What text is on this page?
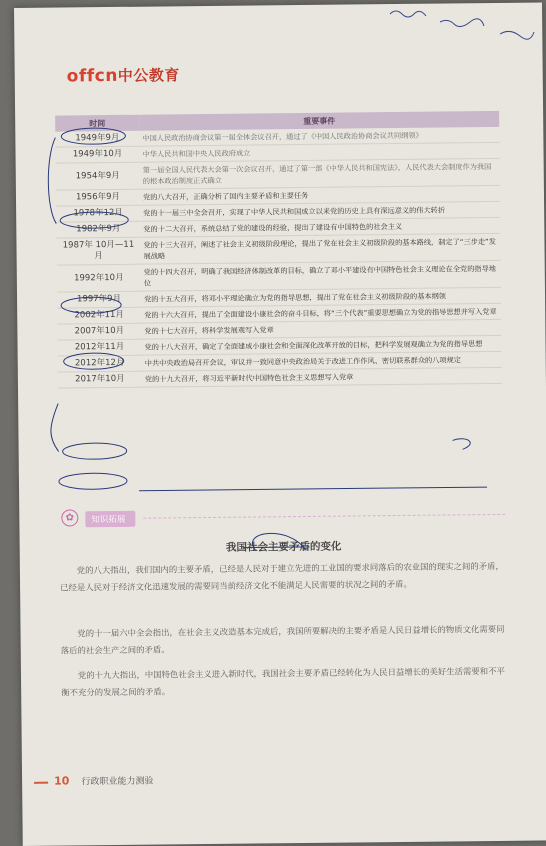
offcn中公教育
时间	重要事件
1949年9月	中国人民政治协商会议第一届全体会议召开，通过了《中国人民政治协商会议共同纲领》
1949年10月	中华人民共和国中央人民政府成立
1954年9月	第一届全国人民代表大会第一次会议召开，通过了第一部《中华人民共和国宪法》，人民代表大会制度作为我国的根本政治制度正式确立
1956年9月	党的八大召开，正确分析了国内主要矛盾和主要任务
1978年12月	党的十一届三中全会召开，实现了中华人民共和国成立以来党的历史上具有深远意义的伟大转折
1982年9月	党的十二大召开，系统总结了党的建设的经验，提出了建设有中国特色的社会主义
1987年 10月—11月	党的十三大召开，阐述了社会主义初级阶段理论，提出了党在社会主义初级阶段的基本路线，制定了“三步走”发展战略
1992年10月	党的十四大召开，明确了我国经济体制改革的目标，确立了邓小平建设有中国特色社会主义理论在全党的指导地位
1997年9月	党的十五大召开，将邓小平理论确立为党的指导思想，提出了党在社会主义初级阶段的基本纲领
2002年11月	党的十六大召开，提出了全面建设小康社会的奋斗目标，将“三个代表”重要思想确立为党的指导思想并写入党章
2007年10月	党的十七大召开，将科学发展观写入党章
2012年11月	党的十八大召开，确定了全面建成小康社会和全面深化改革开放的目标，把科学发展观确立为党的指导思想
2012年12月	中共中央政治局召开会议，审议并一致同意中央政治局关于改进工作作风、密切联系群众的八项规定
2017年10月	党的十九大召开，将习近平新时代中国特色社会主义思想写入党章
✿	知识拓展
我国社会主要矛盾的变化
党的八大指出，我们国内的主要矛盾，已经是人民对于建立先进的工业国的要求同落后的农业国的现实之间的矛盾，已经是人民对于经济文化迅速发展的需要同当前经济文化不能满足人民需要的状况之间的矛盾。
党的十一届六中全会指出，在社会主义改造基本完成后，我国所要解决的主要矛盾是人民日益增长的物质文化需要同落后的社会生产之间的矛盾。
党的十九大指出，中国特色社会主义进入新时代，我国社会主要矛盾已经转化为人民日益增长的美好生活需要和不平衡不充分的发展之间的矛盾。
10 行政职业能力测验
